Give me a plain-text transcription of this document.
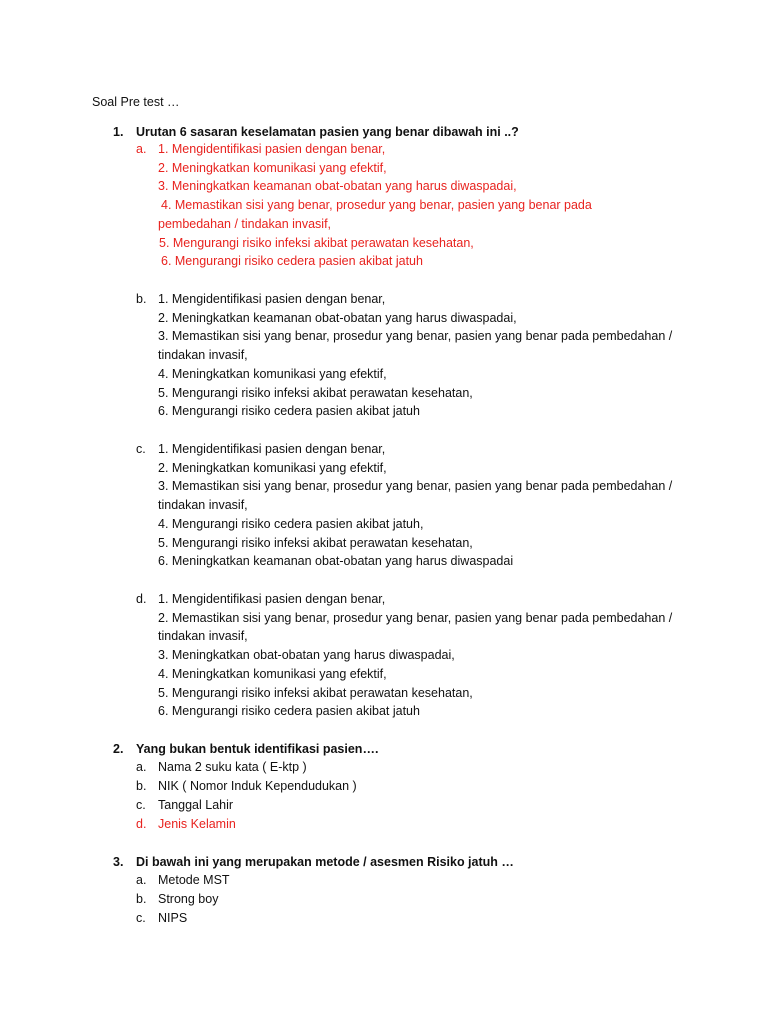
Soal Pre test …
1. Urutan 6 sasaran keselamatan pasien yang benar dibawah ini ..?
a. 1. Mengidentifikasi pasien dengan benar,
2. Meningkatkan komunikasi yang efektif,
3. Meningkatkan keamanan obat-obatan yang harus diwaspadai,
4. Memastikan sisi yang benar, prosedur yang benar, pasien yang benar pada
pembedahan / tindakan invasif,
5. Mengurangi risiko infeksi akibat perawatan kesehatan,
6. Mengurangi risiko cedera pasien akibat jatuh
b. 1. Mengidentifikasi pasien dengan benar,
2. Meningkatkan keamanan obat-obatan yang harus diwaspadai,
3. Memastikan sisi yang benar, prosedur yang benar, pasien yang benar pada pembedahan /
tindakan invasif,
4. Meningkatkan komunikasi yang efektif,
5. Mengurangi risiko infeksi akibat perawatan kesehatan,
6. Mengurangi risiko cedera pasien akibat jatuh
c. 1. Mengidentifikasi pasien dengan benar,
2. Meningkatkan komunikasi yang efektif,
3. Memastikan sisi yang benar, prosedur yang benar, pasien yang benar pada pembedahan /
tindakan invasif,
4. Mengurangi risiko cedera pasien akibat jatuh,
5. Mengurangi risiko infeksi akibat perawatan kesehatan,
6. Meningkatkan keamanan obat-obatan yang harus diwaspadai
d. 1. Mengidentifikasi pasien dengan benar,
2. Memastikan sisi yang benar, prosedur yang benar, pasien yang benar pada pembedahan /
tindakan invasif,
3. Meningkatkan obat-obatan yang harus diwaspadai,
4. Meningkatkan komunikasi yang efektif,
5. Mengurangi risiko infeksi akibat perawatan kesehatan,
6. Mengurangi risiko cedera pasien akibat jatuh
2. Yang bukan bentuk identifikasi pasien….
a. Nama 2 suku kata ( E-ktp )
b. NIK ( Nomor Induk Kependudukan )
c. Tanggal Lahir
d. Jenis Kelamin
3. Di bawah ini yang merupakan metode / asesmen Risiko jatuh …
a. Metode MST
b. Strong boy
c. NIPS
